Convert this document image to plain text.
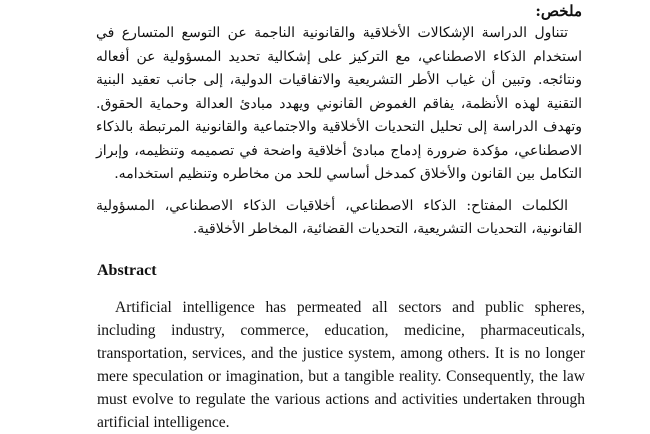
ملخص:

تتناول الدراسة الإشكالات الأخلاقية والقانونية الناجمة عن التوسع المتسارع في

استخدام الذكاء الاصطناعي، مع التركيز على إشكالية تحديد المسؤولية عن أفعاله

ونتائجه. وتبين أن غياب الأطر التشريعية والاتفاقيات الدولية، إلى جانب تعقيد البنية

التقنية لهذه الأنظمة، يفاقم الغموض القانوني ويهدد مبادئ العدالة وحماية الحقوق.

وتهدف الدراسة إلى تحليل التحديات الأخلاقية والاجتماعية والقانونية المرتبطة بالذكاء

الاصطناعي، مؤكدة ضرورة إدماج مبادئ أخلاقية واضحة في تصميمه وتنظيمه، وإبراز

التكامل بين القانون والأخلاق كمدخل أساسي للحد من مخاطره وتنظيم استخدامه.

الكلمات المفتاح: الذكاء الاصطناعي، أخلاقيات الذكاء الاصطناعي، المسؤولية

القانونية، التحديات التشريعية، التحديات القضائية، المخاطر الأخلاقية.

Abstract

Artificial intelligence has permeated all sectors and public spheres,

including industry, commerce, education, medicine, pharmaceuticals,

transportation, services, and the justice system, among others. It is no longer

mere speculation or imagination, but a tangible reality. Consequently, the law

must evolve to regulate the various actions and activities undertaken through

artificial intelligence.
